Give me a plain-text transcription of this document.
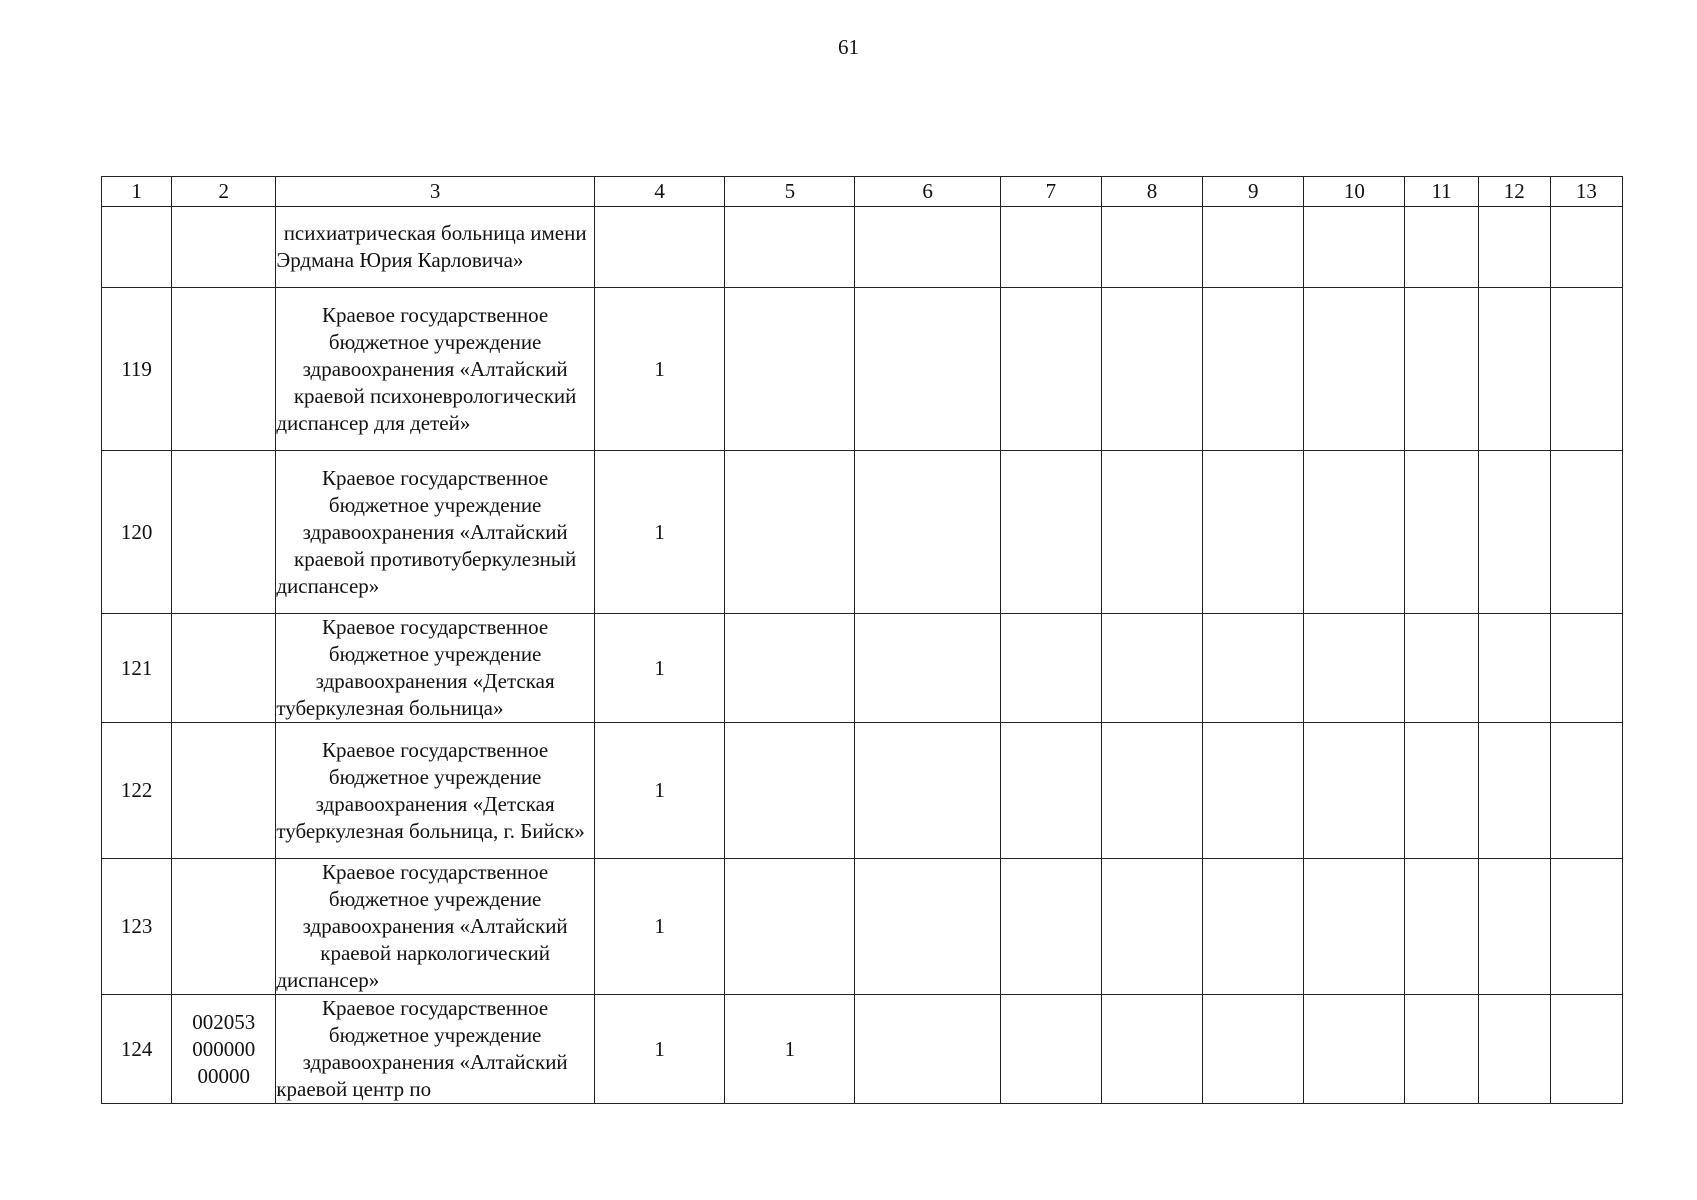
61
1	2	3	4	5	6	7	8	9	10	11	12	13
		психиатрическая больница имени Эрдмана Юрия Карловича»										
119		Краевое государственное бюджетное учреждение здравоохранения «Алтайский краевой психоневрологический диспансер для детей»	1									
120		Краевое государственное бюджетное учреждение здравоохранения «Алтайский краевой противотуберкулезный диспансер»	1									
121		Краевое государственное бюджетное учреждение здравоохранения «Детская туберкулезная больница»	1									
122		Краевое государственное бюджетное учреждение здравоохранения «Детская туберкулезная больница, г. Бийск»	1									
123		Краевое государственное бюджетное учреждение здравоохранения «Алтайский краевой наркологический диспансер»	1									
124	002053 000000 00000	Краевое государственное бюджетное учреждение здравоохранения «Алтайский краевой центр по	1	1								
